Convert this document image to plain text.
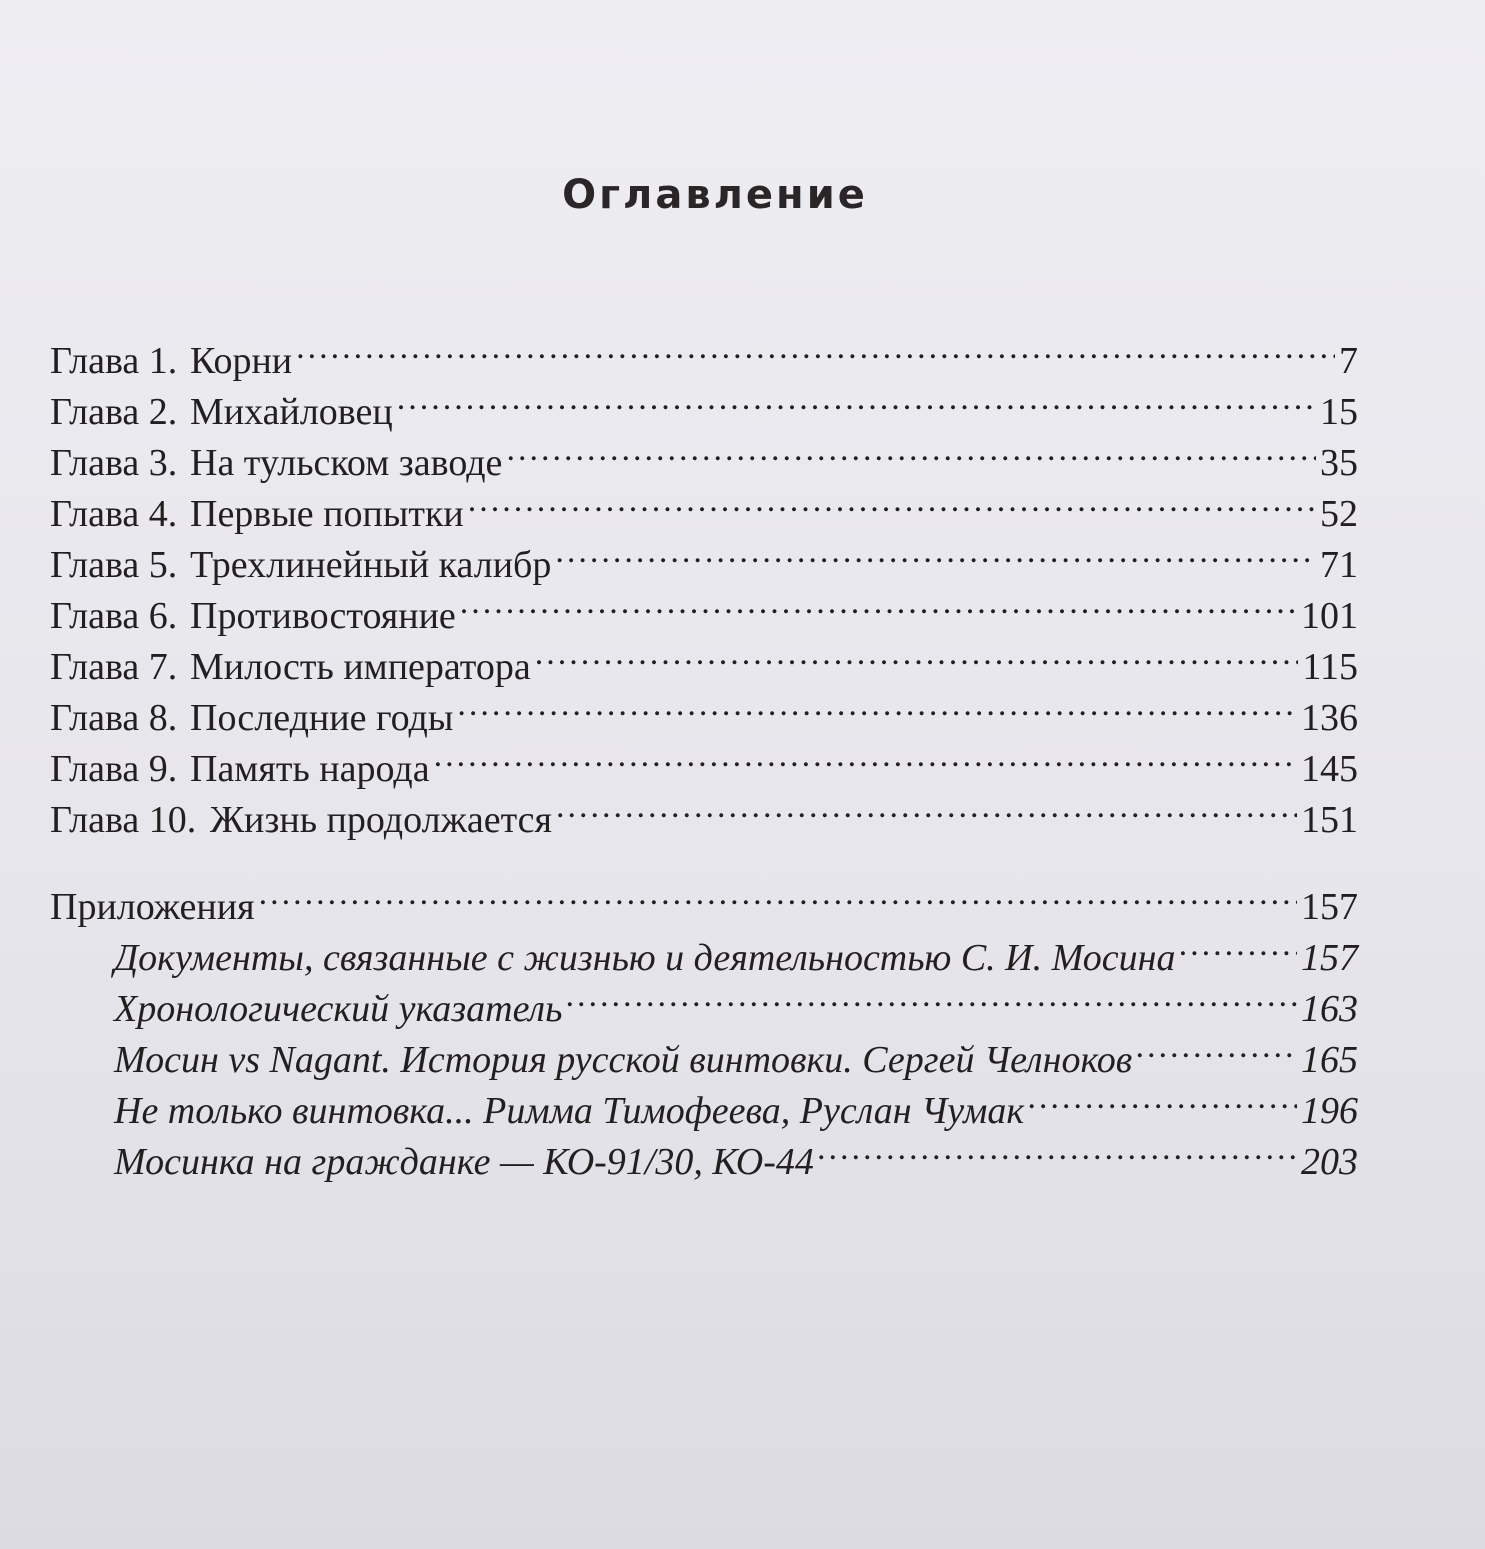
Оглавление
Глава 1. Корни .....	7
Глава 2. Михайловец .....	15
Глава 3. На тульском заводе .....	35
Глава 4. Первые попытки .....	52
Глава 5. Трехлинейный калибр .....	71
Глава 6. Противостояние .....	101
Глава 7. Милость императора .....	115
Глава 8. Последние годы .....	136
Глава 9. Память народа .....	145
Глава 10. Жизнь продолжается .....	151
Приложения .....	157
Документы, связанные с жизнью и деятельностью С. И. Мосина .....	157
Хронологический указатель .....	163
Мосин vs Nagant. История русской винтовки. Сергей Челноков .....	165
Не только винтовка... Римма Тимофеева, Руслан Чумак .....	196
Мосинка на гражданке — КО-91/30, КО-44 .....	203
